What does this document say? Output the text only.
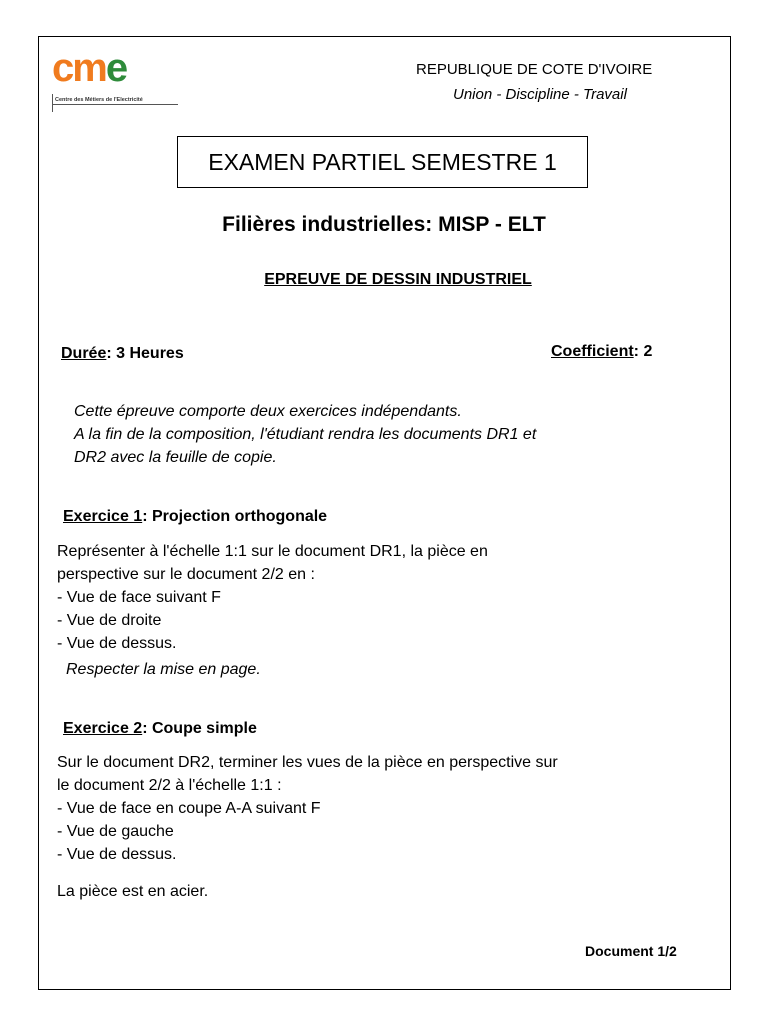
cme
Centre des Métiers de l'Electricité
REPUBLIQUE DE COTE D'IVOIRE
Union - Discipline - Travail
EXAMEN PARTIEL SEMESTRE 1
Filières industrielles: MISP - ELT
EPREUVE DE DESSIN INDUSTRIEL
Durée: 3 Heures	Coefficient: 2
Cette épreuve comporte deux exercices indépendants.
A la fin de la composition, l'étudiant rendra les documents DR1 et
DR2 avec la feuille de copie.
Exercice 1: Projection orthogonale
Représenter à l'échelle 1:1 sur le document DR1, la pièce en
perspective sur le document 2/2 en :
- Vue de face suivant F
- Vue de droite
- Vue de dessus.
Respecter la mise en page.
Exercice 2: Coupe simple
Sur le document DR2, terminer les vues de la pièce en perspective sur
le document 2/2 à l'échelle 1:1 :
- Vue de face en coupe A-A suivant F
- Vue de gauche
- Vue de dessus.
La pièce est en acier.
Document 1/2
